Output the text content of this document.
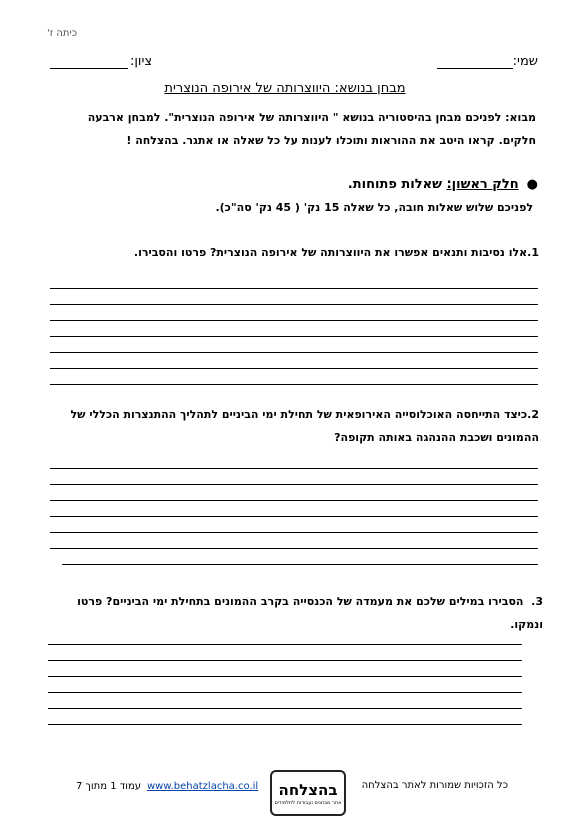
כיתה ז'
שמי:
ציון:
מבחן בנושא: היווצרותה של אירופה הנוצרית
מבוא: לפניכם מבחן בהיסטוריה בנושא " היווצרותה של אירופה הנוצרית". למבחן ארבעה
חלקים. קראו היטב את ההוראות ותוכלו לענות על כל שאלה או אתגר. בהצלחה !
●חלק ראשון: שאלות פתוחות.
לפניכם שלוש שאלות חובה, כל שאלה 15 נק' ( 45 נק' סה"כ).
1.אלו נסיבות ותנאים אפשרו את היווצרותה של אירופה הנוצרית? פרטו והסבירו.
2.כיצד התייחסה האוכלוסייה האירופאית של תחילת ימי הביניים לתהליך ההתנצרות הכללי של ההמונים ושכבת ההנהגה באותה תקופה?
3.  הסבירו במילים שלכם את מעמדה של הכנסייה בקרב ההמונים בתחילת ימי הביניים? פרטו ונמקו.
כל הזכויות שמורות לאתר בהצלחה
בהצלחה
אתר מבחנים ועבודות לתלמידים
www.behatzlacha.co.il
עמוד 1 מתוך 7
